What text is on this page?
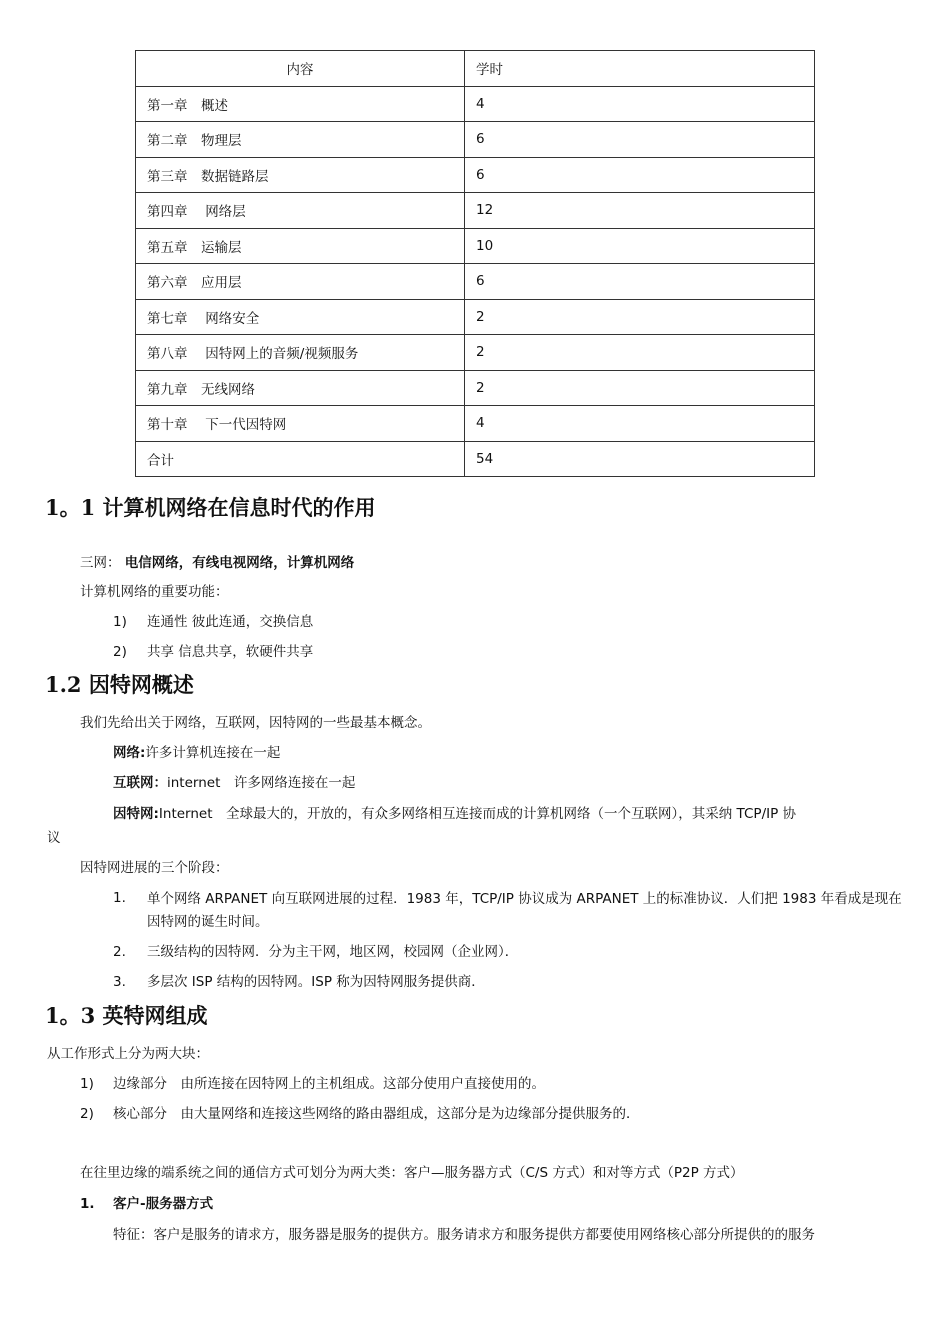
内容	学时
第一章　概述	4
第二章　物理层	6
第三章　数据链路层	6
第四章　 网络层	12
第五章　运输层	10
第六章　应用层	6
第七章　 网络安全	2
第八章　 因特网上的音频/视频服务	2
第九章　无线网络	2
第十章　 下一代因特网	4
合计	54
1。1 计算机网络在信息时代的作用
三网： 电信网络，有线电视网络，计算机网络
计算机网络的重要功能：
1) 连通性 彼此连通，交换信息
2) 共享 信息共享，软硬件共享
1.2 因特网概述
我们先给出关于网络，互联网，因特网的一些最基本概念。
网络:许多计算机连接在一起
互联网：internet　许多网络连接在一起
因特网:Internet　全球最大的，开放的，有众多网络相互连接而成的计算机网络（一个互联网），其采纳 TCP/IP 协
议
因特网进展的三个阶段：
1. 单个网络 ARPANET 向互联网进展的过程．1983 年，TCP/IP 协议成为 ARPANET 上的标准协议．人们把 1983 年看成是现在因特网的诞生时间。
2. 三级结构的因特网．分为主干网，地区网，校园网（企业网）．
3. 多层次 ISP 结构的因特网。ISP 称为因特网服务提供商．
1。3 英特网组成
从工作形式上分为两大块：
1) 边缘部分　由所连接在因特网上的主机组成。这部分使用户直接使用的。
2) 核心部分　由大量网络和连接这些网络的路由器组成，这部分是为边缘部分提供服务的．
在往里边缘的端系统之间的通信方式可划分为两大类：客户—服务器方式（C/S 方式）和对等方式（P2P 方式）
1. 客户-服务器方式
特征：客户是服务的请求方，服务器是服务的提供方。服务请求方和服务提供方都要使用网络核心部分所提供的的服务
